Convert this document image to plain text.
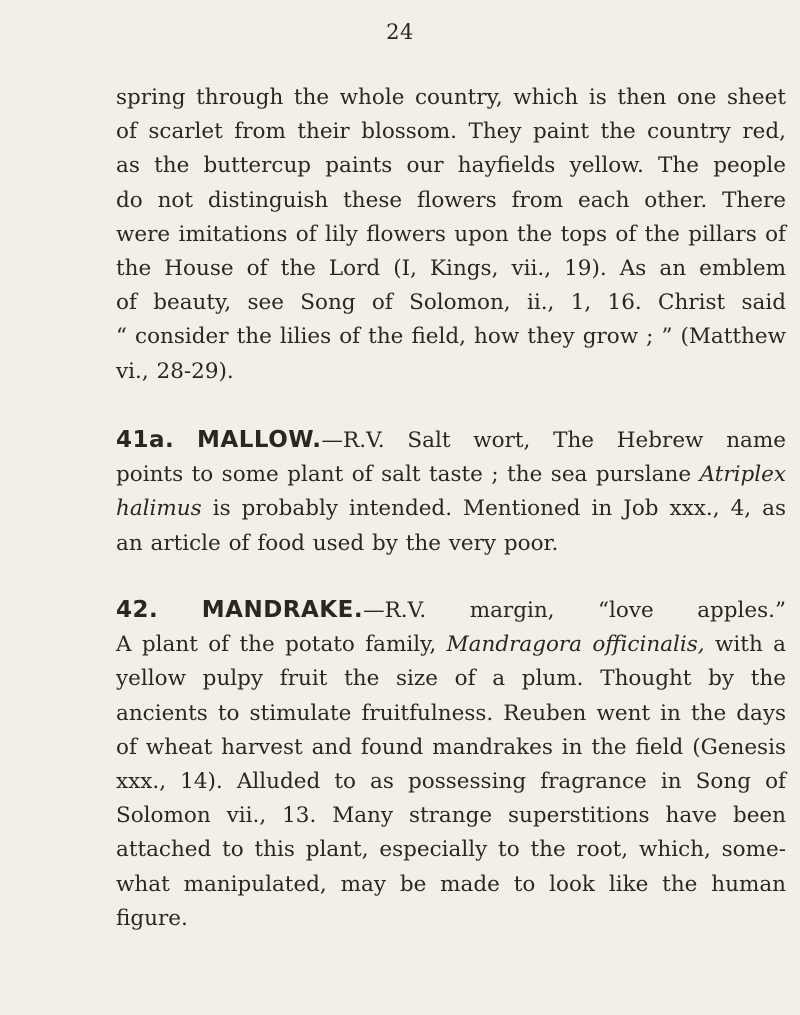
24
spring through the whole country, which is then one sheet
of scarlet from their blossom. They paint the country red,
as the buttercup paints our hayfields yellow. The people
do not distinguish these flowers from each other. There
were imitations of lily flowers upon the tops of the pillars of
the House of the Lord (I, Kings, vii., 19). As an emblem
of beauty, see Song of Solomon, ii., 1, 16. Christ said
“ consider the lilies of the field, how they grow ; ” (Matthew
vi., 28-29).
41a. MALLOW.—R.V. Salt wort, The Hebrew name
points to some plant of salt taste ; the sea purslane Atriplex
halimus is probably intended. Mentioned in Job xxx., 4, as
an article of food used by the very poor.
42. MANDRAKE.—R.V. margin, “love apples.”
A plant of the potato family, Mandragora officinalis, with a
yellow pulpy fruit the size of a plum. Thought by the
ancients to stimulate fruitfulness. Reuben went in the days
of wheat harvest and found mandrakes in the field (Genesis
xxx., 14). Alluded to as possessing fragrance in Song of
Solomon vii., 13. Many strange superstitions have been
attached to this plant, especially to the root, which, some-
what manipulated, may be made to look like the human
figure.
